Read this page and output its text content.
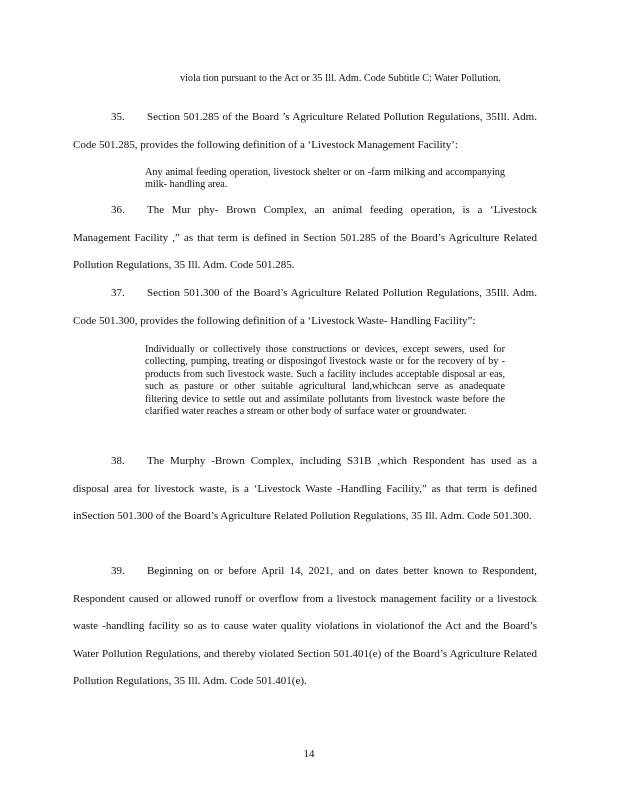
viola tion pursuant to the Act or 35 Ill. Adm. Code Subtitle C: Water Pollution.

35. Section 501.285 of the Board ’s Agriculture Related Pollution Regulations, 35Ill. Adm. Code 501.285, provides the following definition of a ‘Livestock Management Facility’:

Any animal feeding operation, livestock shelter or on -farm milking and accompanying milk- handling area.

36. The Mur phy- Brown Complex, an animal feeding operation, is a ‘Livestock Management Facility ,” as that term is defined in Section 501.285 of the Board’s Agriculture Related Pollution Regulations, 35 Ill. Adm. Code 501.285.

37. Section 501.300 of the Board’s Agriculture Related Pollution Regulations, 35Ill. Adm. Code 501.300, provides the following definition of a ‘Livestock Waste- Handling Facility”:

Individually or collectively those constructions or devices, except sewers, used for collecting, pumping, treating or disposingof livestock waste or for the recovery of by -products from such livestock waste. Such a facility includes acceptable disposal ar eas, such as pasture or other suitable agricultural land,whichcan serve as anadequate filtering device to settle out and assimilate pollutants from livestock waste before the clarified water reaches a stream or other body of surface water or groundwater.

38. The Murphy -Brown Complex, including S31B ,which Respondent has used as a disposal area for livestock waste, is a ‘Livestock Waste -Handling Facility,” as that term is defined inSection 501.300 of the Board’s Agriculture Related Pollution Regulations, 35 Ill. Adm. Code 501.300.

39. Beginning on or before April 14, 2021, and on dates better known to Respondent, Respondent caused or allowed runoff or overflow from a livestock management facility or a livestock waste -handling facility so as to cause water quality violations in violationof the Act and the Board’s Water Pollution Regulations, and thereby violated Section 501.401(e) of the Board’s Agriculture Related Pollution Regulations, 35 Ill. Adm. Code 501.401(e).

14
